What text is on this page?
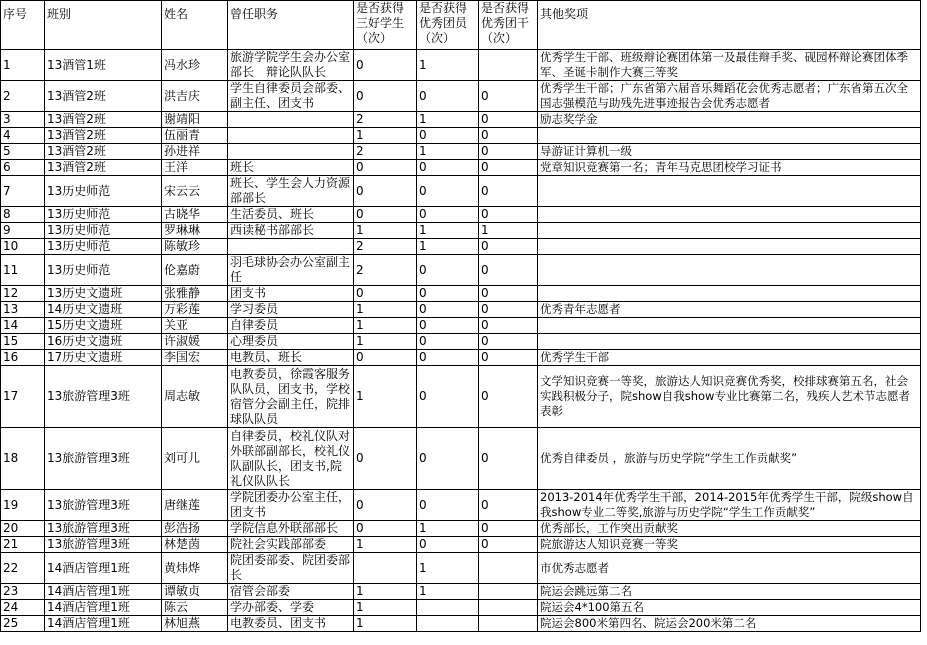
序号	班别	姓名	曾任职务	是否获得三好学生（次）	是否获得优秀团员（次）	是否获得优秀团干（次）	其他奖项
1	13酒管1班	冯水珍	旅游学院学生会办公室部长　辩论队队长	0	1		优秀学生干部、班级辩论赛团体第一及最佳辩手奖、砚园杯辩论赛团体季军、圣诞卡制作大赛三等奖
2	13酒管2班	洪吉庆	学生自律委员会部委、副主任、团支书	0	0	0	优秀学生干部；广东省第六届音乐舞蹈花会优秀志愿者；广东省第五次全国志强模范与助残先进事迹报告会优秀志愿者
3	13酒管2班	谢靖阳		2	1	0	励志奖学金
4	13酒管2班	伍丽青		1	0	0	
5	13酒管2班	孙进祥		2	1	0	导游证计算机一级
6	13酒管2班	王洋	班长	0	0	0	党章知识竞赛第一名；青年马克思团校学习证书
7	13历史师范	宋云云	班长、学生会人力资源部部长	0	0	0	
8	13历史师范	古晓华	生活委员、班长	0	0	0	
9	13历史师范	罗琳琳	西读秘书部部长	1	1	1	
10	13历史师范	陈敏珍		2	1	0	
11	13历史师范	伦嘉蔚	羽毛球协会办公室副主任	2	0	0	
12	13历史文遗班	张雅静	团支书	0	0	0	
13	14历史文遗班	万彩莲	学习委员	1	0	0	优秀青年志愿者
14	15历史文遗班	关亚	自律委员	1	0	0	
15	16历史文遗班	许淑媛	心理委员	1	0	0	
16	17历史文遗班	李国宏	电教员、班长	0	0	0	优秀学生干部
17	13旅游管理3班	周志敏	电教委员，徐霞客服务队队员，团支书，学校宿管分会副主任，院排球队队员	1	0	0	文学知识竞赛一等奖，旅游达人知识竞赛优秀奖，校排球赛第五名，社会实践积极分子，院show自我show专业比赛第二名，残疾人艺术节志愿者表彰
18	13旅游管理3班	刘可儿	自律委员，校礼仪队对外联部副部长，校礼仪队副队长，团支书,院礼仪队队长	0	0	0	优秀自律委员 ，旅游与历史学院“学生工作贡献奖”
19	13旅游管理3班	唐继莲	学院团委办公室主任，团支书	0	0	0	2013-2014年优秀学生干部，2014-2015年优秀学生干部，院级show自我show专业二等奖,旅游与历史学院“学生工作贡献奖”
20	13旅游管理3班	彭浩扬	学院信息外联部部长	0	1	0	优秀部长，工作突出贡献奖
21	13旅游管理3班	林楚茵	院社会实践部部委	1	0	0	院旅游达人知识竞赛一等奖
22	14酒店管理1班	黄炜烨	院团委部委、院团委部长		1		市优秀志愿者
23	14酒店管理1班	谭敏贞	宿管会部委	1	1		院运会跳远第二名
24	14酒店管理1班	陈云	学办部委、学委	1			院运会4*100第五名
25	14酒店管理1班	林旭燕	电教委员、团支书	1			院运会800米第四名、院运会200米第二名
